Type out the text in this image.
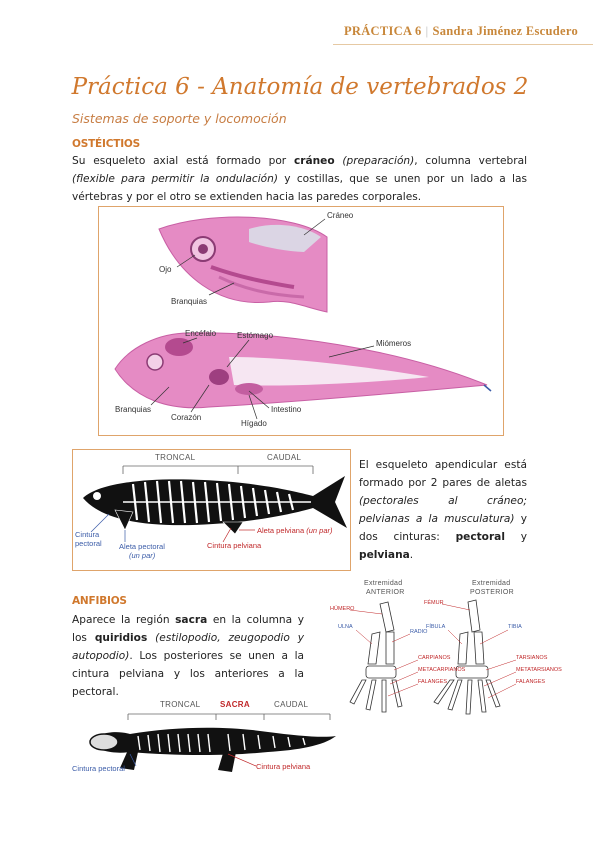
PRÁCTICA 6 | Sandra Jiménez Escudero
Práctica 6 - Anatomía de vertebrados 2
Sistemas de soporte y locomoción
OSTÉICTIOS
Su esqueleto axial está formado por cráneo (preparación), columna vertebral (flexible para permitir la ondulación) y costillas, que se unen por un lado a las vértebras y por el otro se extienden hacia las paredes corporales.
Cráneo
Ojo
Branquias
Encéfalo	Estómago
Miómeros
Branquias
Corazón
Intestino
Hígado
TRONCAL	CAUDAL
Aleta pelviana (un par)
Cintura pelviana
Cintura pectoral	Aleta pectoral
(un par)
El esqueleto apendicular está formado por 2 pares de aletas (pectorales al cráneo; pelvianas a la musculatura) y dos cinturas: pectoral y pelviana.
ANFIBIOS
Aparece la región sacra en la columna y los quiridios (estilopodio, zeugopodio y autopodio). Los posteriores se unen a la cintura pelviana y los anteriores a la pectoral.
Extremidad
ANTERIOR
Extremidad
POSTERIOR
HÚMERO
ULNA
RADIO
CARPIANOS
METACARPIANOS
FALANGES
FÉMUR
FÍBULA	TIBIA
TARSIANOS
METATARSIANOS
FALANGES
TRONCAL SACRA	CAUDAL
Cintura pectoral	Cintura pelviana
